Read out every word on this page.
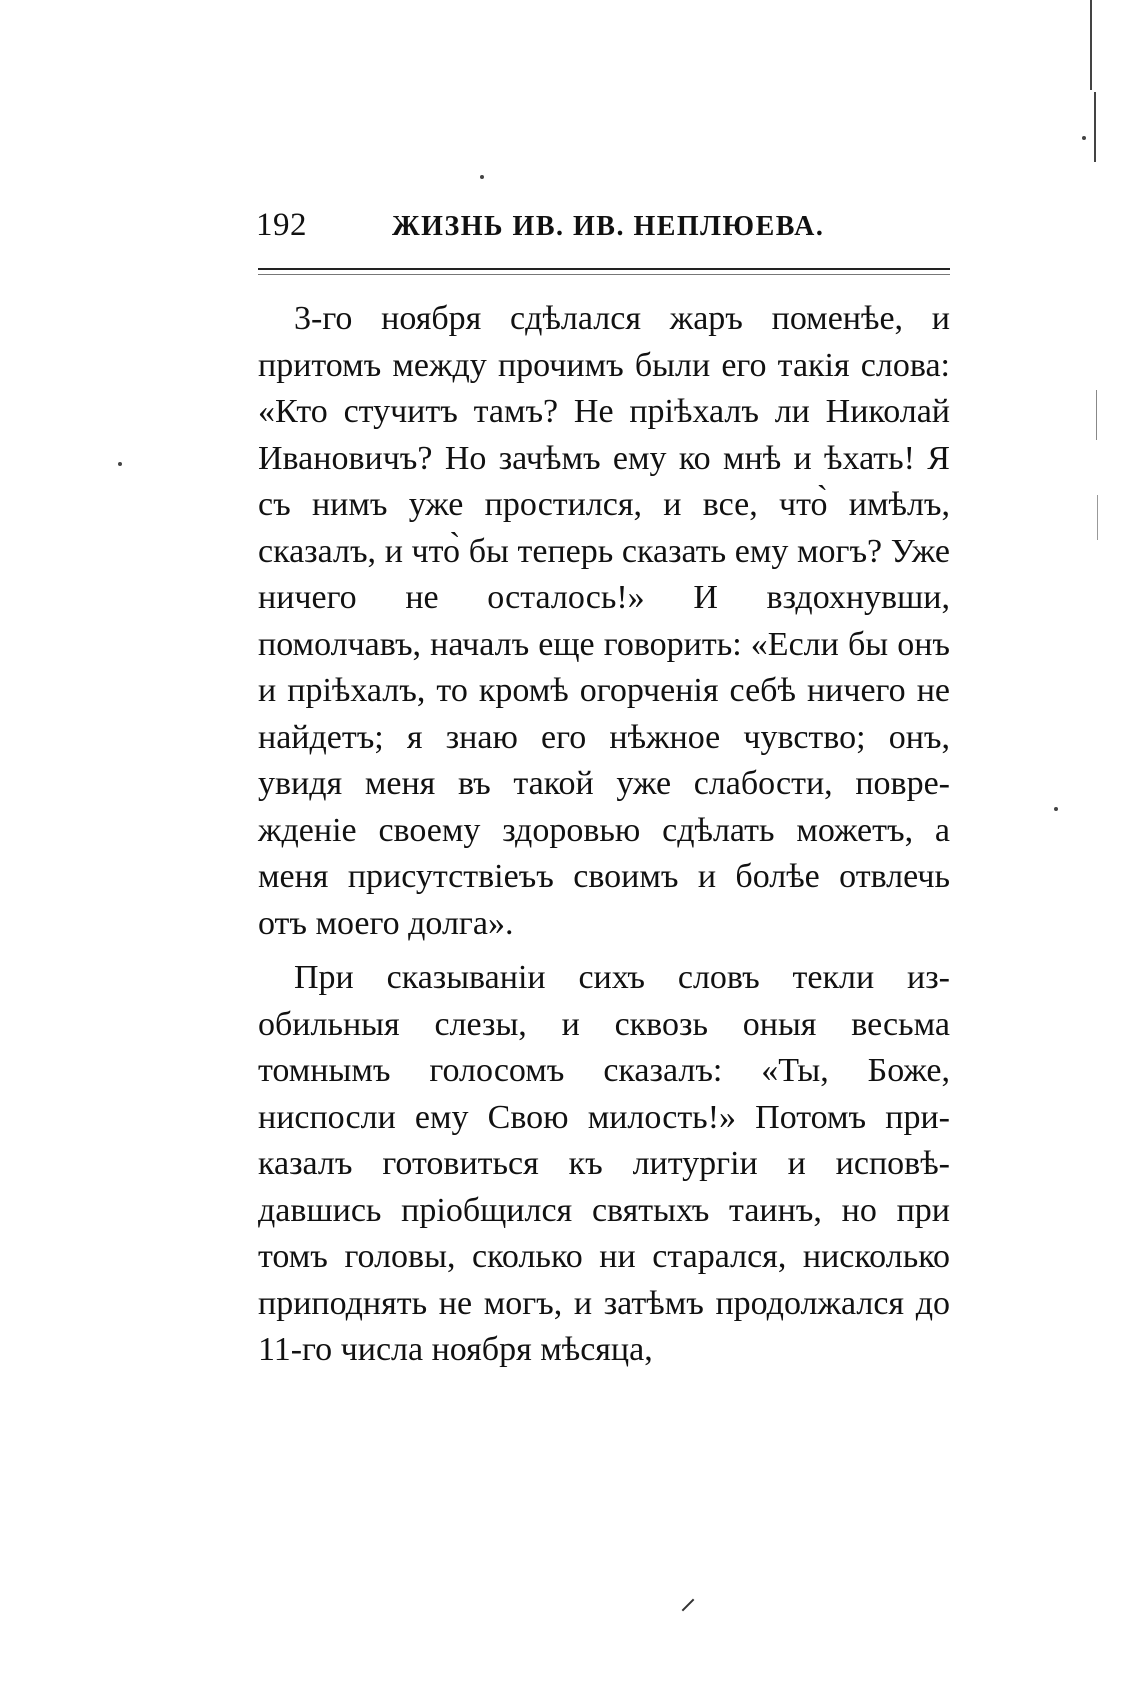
192	ЖИЗНЬ ИВ. ИВ. НЕПЛЮЕВА.

3-го ноября сдѣлался жаръ поменѣе, и притомъ между прочимъ были его такія слова: «Кто стучитъ тамъ? Не пріѣхалъ ли Николай Ивановичъ? Но зачѣмъ ему ко мнѣ и ѣхать! Я съ нимъ уже простился, и все, что̀ имѣлъ, сказалъ, и что̀ бы теперь сказать ему могъ? Уже ничего не осталось!» И вздохнувши, помолчавъ, началъ еще говорить: «Если бы онъ и пріѣхалъ, то кромѣ огорченія себѣ ничего не найдетъ; я знаю его нѣжное чувство; онъ, увидя меня въ такой уже слабости, поврежденіе своему здоровью сдѣлать можетъ, а меня присутствіеъъ своимъ и болѣе отвлечь отъ моего долга».

При сказываніи сихъ словъ текли изобильныя слезы, и сквозь оныя весьма томнымъ голосомъ сказалъ: «Ты, Боже, ниспосли ему Свою милость!» Потомъ приказалъ готовиться къ литургіи и исповѣдавшись пріобщился святыхъ таинъ, но при томъ головы, сколько ни старался, нисколько приподнять не могъ, и затѣмъ продолжался до 11-го числа ноября мѣсяца,
